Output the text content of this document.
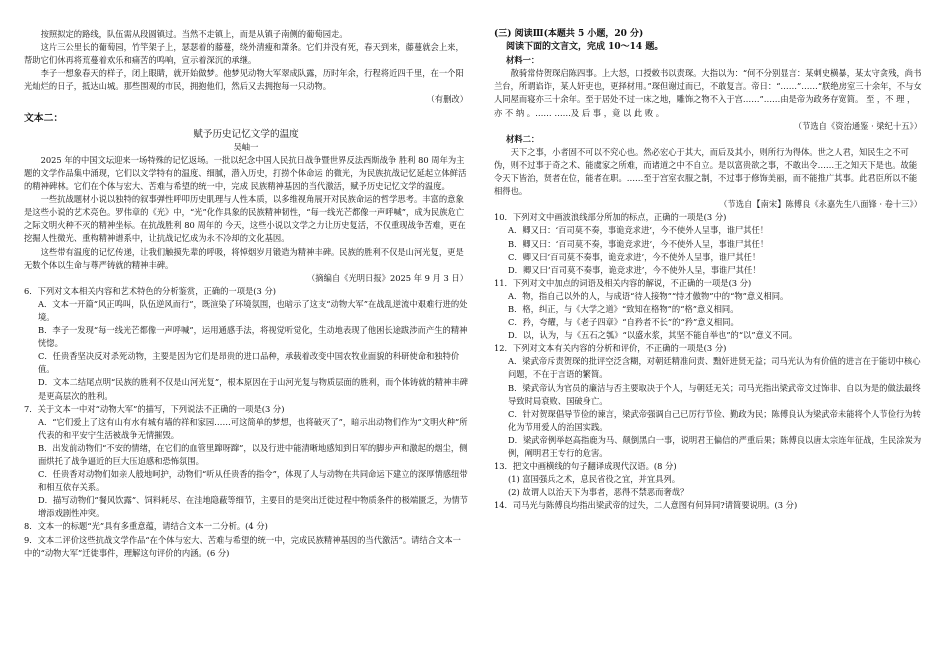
按照拟定的路线，队伍需从段圆镇过。当然不走镇上，而是从镇子南侧的葡萄园走。

这片三公里长的葡萄园，竹竿架子上，瑟瑟着的藤蔓，绕外清瘦和萧条。它们并没有死，春天到来，藤蔓就会上来，帮助它们休再将荒蔓着欢乐和痛苦的鸣响，宣示着深沉的承继。

李子一想象春天的样子，闭上眼睛，就开始做梦。他梦见动物大军翠成队露，历时年余，行程将近四千里，在一个阳光灿烂的日子，抵达山城。那些围观的市民，拥抱他们，然后又去拥抱每一只动物。

（有删改）

文本二：

赋予历史记忆文学的温度

吴岫一

2025 年的中国文坛迎来一场特殊的记忆返场。一批以纪念中国人民抗日战争暨世界反法西斯战争 胜利 80 周年为主题的文学作品集中涌现，它们以文学特有的温度、细腻，潜入历史，打捞个体命运 的微光，为民族抗战记忆延起立体鲜活的精神碑林。它们在个体与宏大、苦难与希望的统一中，完成 民族精神基因的当代激活，赋予历史记忆文学的温度。

一些抗战题材小说以独特的叙事弹性呼叩历史肌理与人性本质，以多维视角展开对民族命运的哲学思考。丰富的意象是这些小说的艺术亮色。罗伟章的《光》中，“光”化作具象的民族精神韧性，“每一线光芒都像一声呼喊”，成为民族危亡之际文明火种不灭的精神坐标。在抗战胜利 80 周年的 今天，这些小说以文学之力让历史复活，不仅重现战争苦难，更在挖掘人性微光、重构精神谱系中，让抗战记忆成为永不冷却的文化基因。

这些带有温度的记忆传递，让我们触摸先辈的呼吸，将悼烟岁月锻造为精神丰碑。民族的胜利不仅是山河光复，更是无数个体以生命与尊严铸就的精神丰碑。

（摘编自《光明日报》2025 年 9 月 3 日）

6．下列对文本相关内容和艺术特色的分析鉴赏，正确的一项是(3 分)

A．文本一开篇“风正鸣叫，队伍逆风而行”，既渲染了环境氛围，也暗示了这支“动物大军”在战乱逆流中艰难行进的处境。

B．李子一发现“每一线光芒都像一声呼喊”，运用通感手法，将视觉听觉化，生动地表现了他困长途跋涉而产生的精神恍惚。

C．任贵香坚决反对杀死动物，主要是因为它们是昂贵的进口品种，承载着改变中国农牧业面貌的科研使命和独特价值。

D．文本二结尾点明“民族的胜利不仅是山河光复”，根本原因在于山河光复与物质层面的胜利，而个体铸就的精神丰碑是更高层次的胜利。

7．关于文本一中对“动物大军”的描写，下列说法不正确的一项是(3 分)

A．“它们爱上了这有山有水有城有墙的祥和家园……可这简单的梦想，也将破灭了”，暗示出动物们作为“文明火种”所代表的和平安宁生活被战争无情摧毁。

B．出发前动物们“不安的情绪，在它们的血管里蹿呀蹿”，以及行进中能清晰地感知到日军的脚步声和激起的烟尘，侧面烘托了战争逼近的巨大压迫感和恐怖氛围。

C．任贵香对动物们如亲人般地呵护，动物们“听从任贵香的指令”，体现了人与动物在共同命运下建立的深厚情感纽带和相互依存关系。

D．描写动物们“餐风饮露”、饲料耗尽、在洼地隐蔽等细节，主要目的是突出迁徙过程中物质条件的极端匮乏，为情节增添戏剧性冲突。

8．文本一的标题“光”具有多重意蕴，请结合文本一二分析。(4 分)

9．文本二评价这些抗战文学作品“在个体与宏大、苦难与希望的统一中，完成民族精神基因的当代激活”。请结合文本一中的“动物大军”迁徙事件，理解这句评价的内涵。(6 分)

(三) 阅读Ⅲ(本题共 5 小题，20 分)

阅读下面的文言文，完成 10～14 题。

材料一：

散骑常侍贺琛启陈四事。上大怒，口授敕书以责琛。大指以为：“何不分别显言：某刺史横暴，某太守贪残，尚书兰台，所谓谄诈，某人奸吏也，更择材用。”琛但谢过而已，不敢复言。帝日：“……”……“朕绝房室三十余年，不与女人同屋而寝亦三十余年。至于居处不过一床之地，雕饰之物不入于宫……”……由是帝为政务存宽简。 至 ，不 理 ，亦 不 纳 。…… ……及 后 事 ，竟 以 此 败 。

（节选自《资治通鉴 · 梁纪十五》）

材料二：

天下之事，小者固不可以不究心也。然必宏心于其大，而后及其小，则所行为得体。世之人君，知民生之不可伪，则不过事于奇之术、能虞家之所难，而诸道之中不自立。是以富贵欲之事，不敢出令……王之知天下是也。故能令天下皆治，贤者在位，能者在职。……至于宫室衣服之制，不过事于修饰美丽，而不能推广其事。此君臣所以不能相得也。

（节选自【南宋】陈傅良《永嘉先生八面锋 · 卷十三》）

10．下列对文中画波浪线部分所加的标点，正确的一项是(3 分)

A．卿又曰：‘百司莫不奏，事诡竞求进’，今不使外人呈事，谁尸其任！

B．卿又曰：‘百司莫不奏，事诡竞求进’，今不使外人呈，事谁尸其任！

C．卿又曰‘百司莫不奏事，诡竞求进’，今不使外人呈事，谁尸其任！

D．卿又曰‘百司莫不奏事，诡竞求进’，今不使外人呈，事谁尸其任！

11．下列对文中加点的词语及相关内容的解说，不正确的一项是(3 分)

A．物，指自己以外的人，与成语“待人接物”“恃才傲物”中的“物”意义相同。

B．格，纠正，与《大学之道》“致知在格物”的“格”意义相同。

C．矜，夸耀，与《老子四章》“自矜者不长”的“矜”意义相同。

D．以，认为，与《五石之瓠》“以盛水浆，其坚不能自举也”的“以”意义不同。

12．下列对文本有关内容的分析和评价，不正确的一项是(3 分)

A．梁武帝斥责贺琛的批评空泛含糊，对朝廷精准问责、黜奸进贤无益；司马光认为有价值的进言在于能切中核心问题，不在于言语的繁简。

B．梁武帝认为官员的廉洁与否主要取决于个人，与朝廷无关；司马光指出梁武帝文过饰非、自以为是的做法最终导致时局衰败、国破身亡。

C．针对贺琛倡导节俭的谏言，梁武帝强调自己已厉行节俭、勤政为民；陈傅良认为梁武帝未能将个人节俭行为转化为节用爱人的治国实践。

D．梁武帝例举赵高指鹿为马、颠倒黑白一事，说明君王偏信的严重后果；陈傅良以唐太宗连年征战，生民涂炭为例，阐明君王专行的危害。

13．把文中画横线的句子翻译成现代汉语。(8 分)

(1) 富国强兵之术，息民省役之宜，并宜具列。

(2) 故谓人以治天下为事者，恶得不禁恶而奢哉？

14．司马光与陈傅良均指出梁武帝的过失，二人意图有何异同?请简要说明。(3 分)
